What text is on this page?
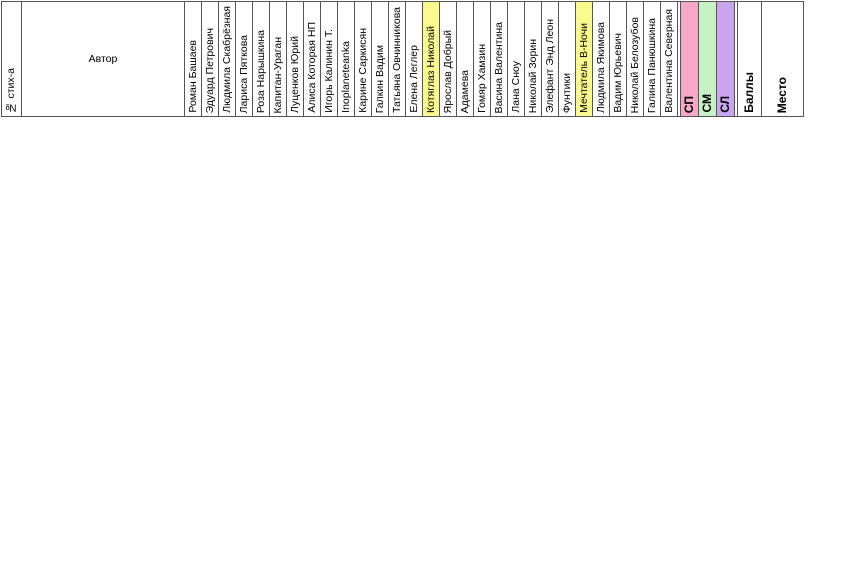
№ стих-а	Автор	Роман Башаев	Эдуард Петрович	Людмила Скабрёзная	Лариса Пяткова	Роза Нарышкина	Капитан-Ураган	Луценков Юрий	Алиса Которая НП	Игорь Калинин Т.	Inoplaneteanka	Карине Саркисян	Галкин Вадим	Татьяна Овчинникова	Елена Леглер	Котяглаз Николай	Ярослав Добрый	Адамева	Гомяр Хамзин	Васина Валентина	Лана Сноу	Николай Зорин	Элефант Энд Леон	Фунтики	Мечтатель В-Ночи	Людмила Якимова	Вадим Юрьевич	Николай Белозубов	Галина Панюшкина	Валентина Северная		СП	СМ	СЛ		Баллы	Место
